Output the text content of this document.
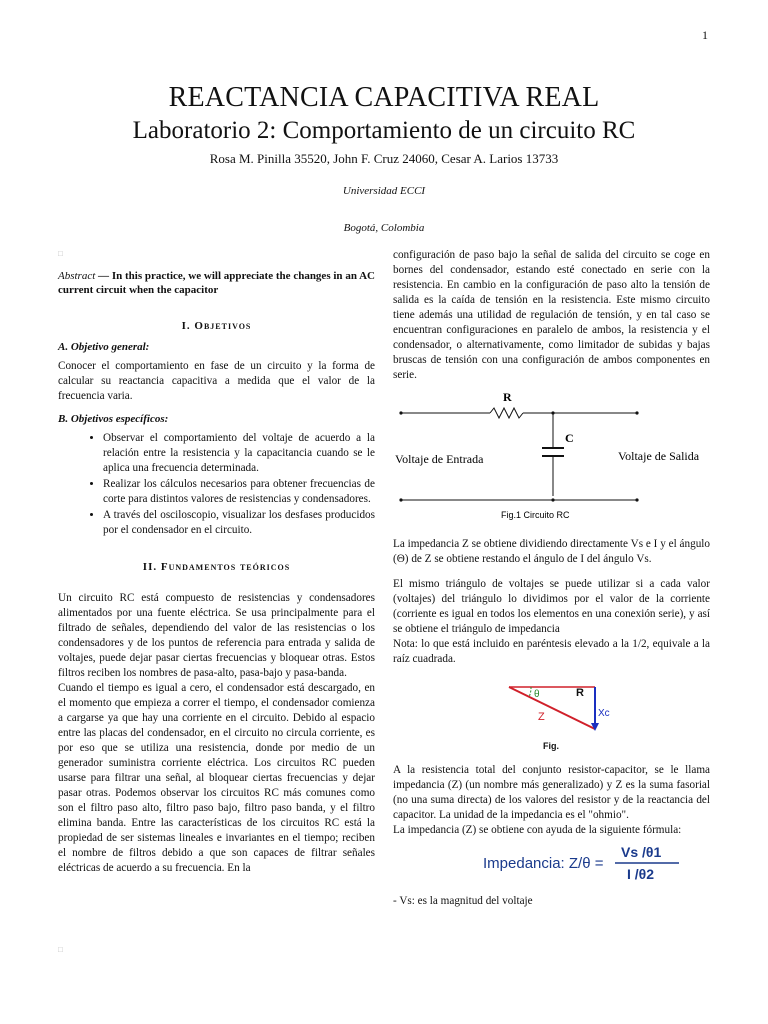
1
REACTANCIA CAPACITIVA REAL
Laboratorio 2: Comportamiento de un circuito RC
Rosa M. Pinilla 35520, John F. Cruz 24060, Cesar A. Larios 13733
Universidad ECCI
Bogotá, Colombia
□
Abstract — In this practice, we will appreciate the changes in an AC current circuit when the capacitor
I. Objetivos
A. Objetivo general:

Conocer el comportamiento en fase de un circuito y la forma de calcular su reactancia capacitiva a medida que el valor de la frecuencia varia.

B. Objetivos específicos:
• Observar el comportamiento del voltaje de acuerdo a la relación entre la resistencia y la capacitancia cuando se le aplica una frecuencia determinada.
• Realizar los cálculos necesarios para obtener frecuencias de corte para distintos valores de resistencias y condensadores.
• A través del osciloscopio, visualizar los desfases producidos por el condensador en el circuito.
II. Fundamentos teóricos

Un circuito RC está compuesto de resistencias y condensadores alimentados por una fuente eléctrica. Se usa principalmente para el filtrado de señales, dependiendo del valor de las resistencias o los condensadores y de los puntos de referencia para entrada y salida de voltajes, puede dejar pasar ciertas frecuencias y bloquear otras. Estos filtros reciben los nombres de pasa-alto, pasa-bajo y pasa-banda.

Cuando el tiempo es igual a cero, el condensador está descargado, en el momento que empieza a correr el tiempo, el condensador comienza a cargarse ya que hay una corriente en el circuito. Debido al espacio entre las placas del condensador, en el circuito no circula corriente, es por eso que se utiliza una resistencia, donde por medio de un generador suministra corriente eléctrica. Los circuitos RC pueden usarse para filtrar una señal, al bloquear ciertas frecuencias y dejar pasar otras. Podemos observar los circuitos RC más comunes como son el filtro paso alto, filtro paso bajo, filtro paso banda, y el filtro elimina banda. Entre las características de los circuitos RC está la propiedad de ser sistemas lineales e invariantes en el tiempo; reciben el nombre de filtros debido a que son capaces de filtrar señales eléctricas de acuerdo a su frecuencia. En la

□

configuración de paso bajo la señal de salida del circuito se coge en bornes del condensador, estando esté conectado en serie con la resistencia. En cambio en la configuración de paso alto la tensión de salida es la caída de tensión en la resistencia. Este mismo circuito tiene además una utilidad de regulación de tensión, y en tal caso se encuentran configuraciones en paralelo de ambos, la resistencia y el condensador, o alternativamente, como limitador de subidas y bajas bruscas de tensión con una configuración de ambos componentes en serie.

R
C
Voltaje de Entrada	Voltaje de Salida
Fig.1 Circuito RC

La impedancia Z se obtiene dividiendo directamente Vs e I y el ángulo (Θ) de Z se obtiene restando el ángulo de I del ángulo Vs.

El mismo triángulo de voltajes se puede utilizar si a cada valor (voltajes) del triángulo lo dividimos por el valor de la corriente (corriente es igual en todos los elementos en una conexión serie), y así se obtiene el triángulo de impedancia

Nota: lo que está incluido en paréntesis elevado a la 1/2, equivale a la raíz cuadrada.

θ	R
Z	Xc
Fig.

A la resistencia total del conjunto resistor-capacitor, se le llama impedancia (Z) (un nombre más generalizado) y Z es la suma fasorial (no una suma directa) de los valores del resistor y de la reactancia del capacitor. La unidad de la impedancia es el "ohmio".

La impedancia (Z) se obtiene con ayuda de la siguiente fórmula:

Impedancia: Z/θ =
Vs /θ1
I /θ2

- Vs: es la magnitud del voltaje
